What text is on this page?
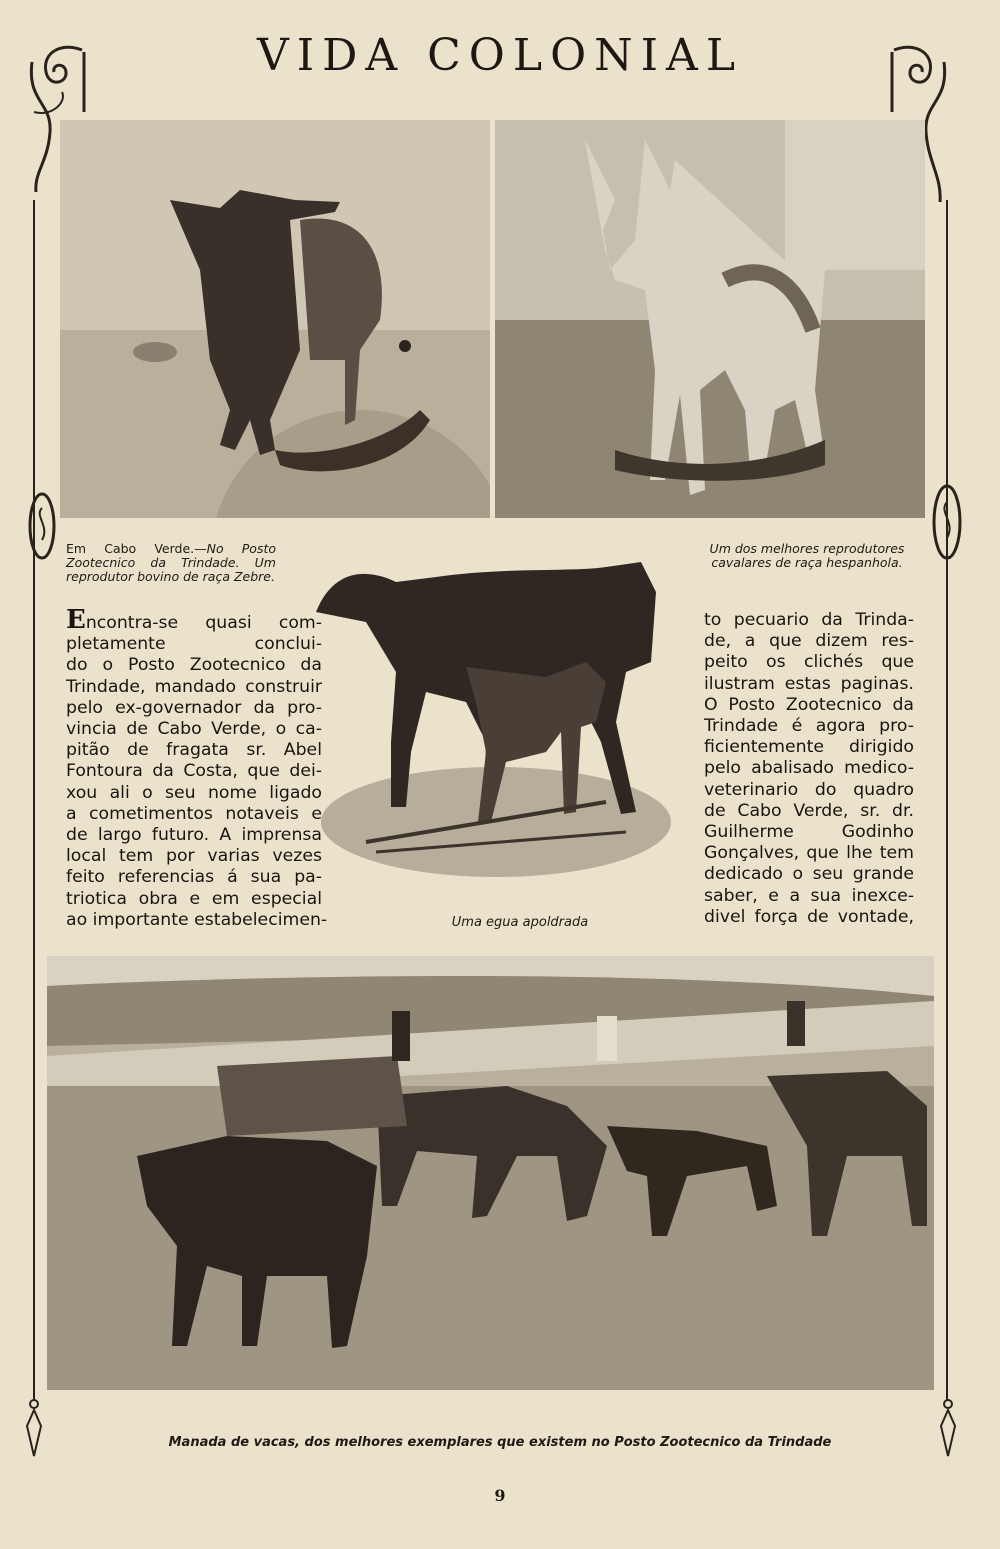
VIDA COLONIAL
Em Cabo Verde.—No Posto Zootecnico da Trindade. Um reprodutor bovino de raça Zebre.
Um dos melhores reprodutores cavalares de raça hespanhola.
Uma egua apoldrada
Manada de vacas, dos melhores exemplares que existem no Posto Zootecnico da Trindade
Encontra-se quasi com-
pletamente conclui-
do o Posto Zootecnico da
Trindade, mandado construir
pelo ex-governador da pro-
vincia de Cabo Verde, o ca-
pitão de fragata sr. Abel
Fontoura da Costa, que dei-
xou ali o seu nome ligado
a cometimentos notaveis e
de largo futuro. A imprensa
local tem por varias vezes
feito referencias á sua pa-
triotica obra e em especial
ao importante estabelecimen-
to pecuario da Trinda-
de, a que dizem res-
peito os clichés que
ilustram estas paginas.
O Posto Zootecnico da
Trindade é agora pro-
ficientemente dirigido
pelo abalisado medico-
veterinario do quadro
de Cabo Verde, sr. dr.
Guilherme Godinho
Gonçalves, que lhe tem
dedicado o seu grande
saber, e a sua inexce-
divel força de vontade,
9
